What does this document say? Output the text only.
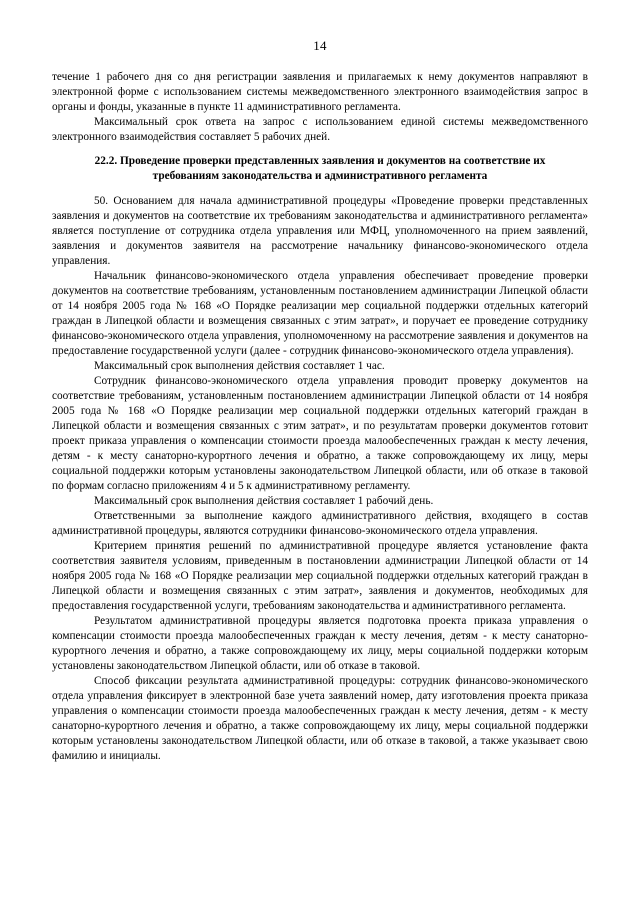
14

течение 1 рабочего дня со дня регистрации заявления и прилагаемых к нему документов направляют в электронной форме с использованием системы межведомственного электронного взаимодействия запрос в органы и фонды, указанные в пункте 11 административного регламента.

Максимальный срок ответа на запрос с использованием единой системы межведомственного электронного взаимодействия составляет 5 рабочих дней.

22.2. Проведение проверки представленных заявления и документов на соответствие их требованиям законодательства и административного регламента

50. Основанием для начала административной процедуры «Проведение проверки представленных заявления и документов на соответствие их требованиям законодательства и административного регламента» является поступление от сотрудника отдела управления или МФЦ, уполномоченного на прием заявлений, заявления и документов заявителя на рассмотрение начальнику финансово-экономического отдела управления.

Начальник финансово-экономического отдела управления обеспечивает проведение проверки документов на соответствие требованиям, установленным постановлением администрации Липецкой области от 14 ноября 2005 года № 168 «О Порядке реализации мер социальной поддержки отдельных категорий граждан в Липецкой области и возмещения связанных с этим затрат», и поручает ее проведение сотруднику финансово-экономического отдела управления, уполномоченному на рассмотрение заявления и документов на предоставление государственной услуги (далее - сотрудник финансово-экономического отдела управления).

Максимальный срок выполнения действия составляет 1 час.

Сотрудник финансово-экономического отдела управления проводит проверку документов на соответствие требованиям, установленным постановлением администрации Липецкой области от 14 ноября 2005 года № 168 «О Порядке реализации мер социальной поддержки отдельных категорий граждан в Липецкой области и возмещения связанных с этим затрат», и по результатам проверки документов готовит проект приказа управления о компенсации стоимости проезда малообеспеченных граждан к месту лечения, детям - к месту санаторно-курортного лечения и обратно, а также сопровождающему их лицу, меры социальной поддержки которым установлены законодательством Липецкой области, или об отказе в таковой по формам согласно приложениям 4 и 5 к административному регламенту.

Максимальный срок выполнения действия составляет 1 рабочий день.

Ответственными за выполнение каждого административного действия, входящего в состав административной процедуры, являются сотрудники финансово-экономического отдела управления.

Критерием принятия решений по административной процедуре является установление факта соответствия заявителя условиям, приведенным в постановлении администрации Липецкой области от 14 ноября 2005 года № 168 «О Порядке реализации мер социальной поддержки отдельных категорий граждан в Липецкой области и возмещения связанных с этим затрат», заявления и документов, необходимых для предоставления государственной услуги, требованиям законодательства и административного регламента.

Результатом административной процедуры является подготовка проекта приказа управления о компенсации стоимости проезда малообеспеченных граждан к месту лечения, детям - к месту санаторно-курортного лечения и обратно, а также сопровождающему их лицу, меры социальной поддержки которым установлены законодательством Липецкой области, или об отказе в таковой.

Способ фиксации результата административной процедуры: сотрудник финансово-экономического отдела управления фиксирует в электронной базе учета заявлений номер, дату изготовления проекта приказа управления о компенсации стоимости проезда малообеспеченных граждан к месту лечения, детям - к месту санаторно-курортного лечения и обратно, а также сопровождающему их лицу, меры социальной поддержки которым установлены законодательством Липецкой области, или об отказе в таковой, а также указывает свою фамилию и инициалы.
